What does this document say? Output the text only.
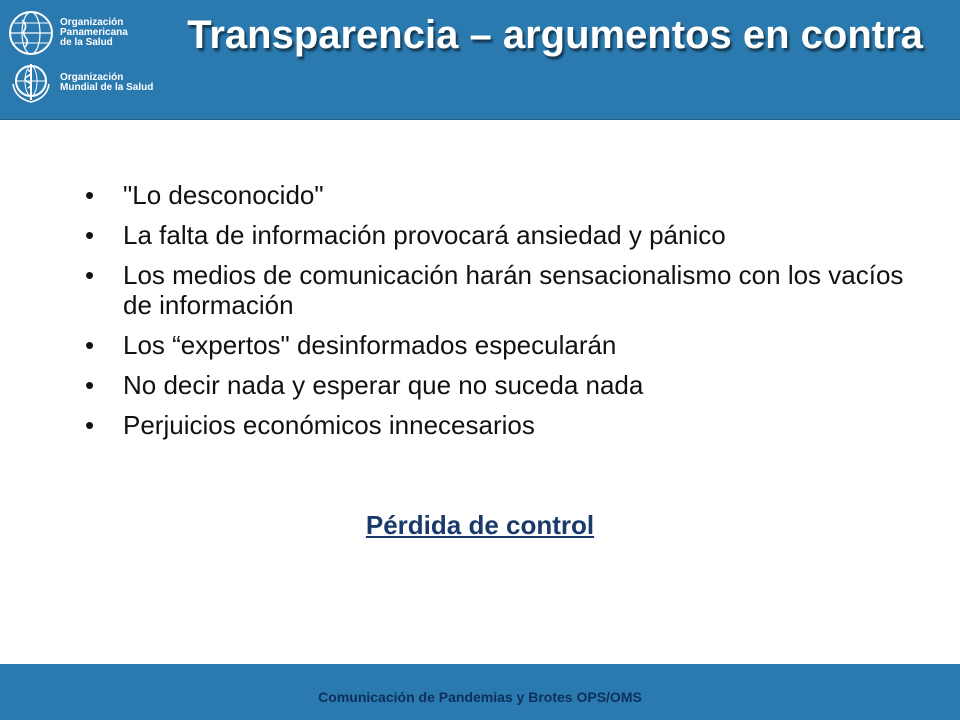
Organización
Panamericana
de la Salud
Organización
Mundial de la Salud
Transparencia – argumentos en contra
• "Lo desconocido"
• La falta de información provocará ansiedad y pánico
• Los medios de comunicación harán sensacionalismo con los vacíos de información
• Los “expertos" desinformados especularán
• No decir nada y esperar que no suceda nada
• Perjuicios económicos innecesarios
Pérdida de control
Comunicación de Pandemias y Brotes OPS/OMS
